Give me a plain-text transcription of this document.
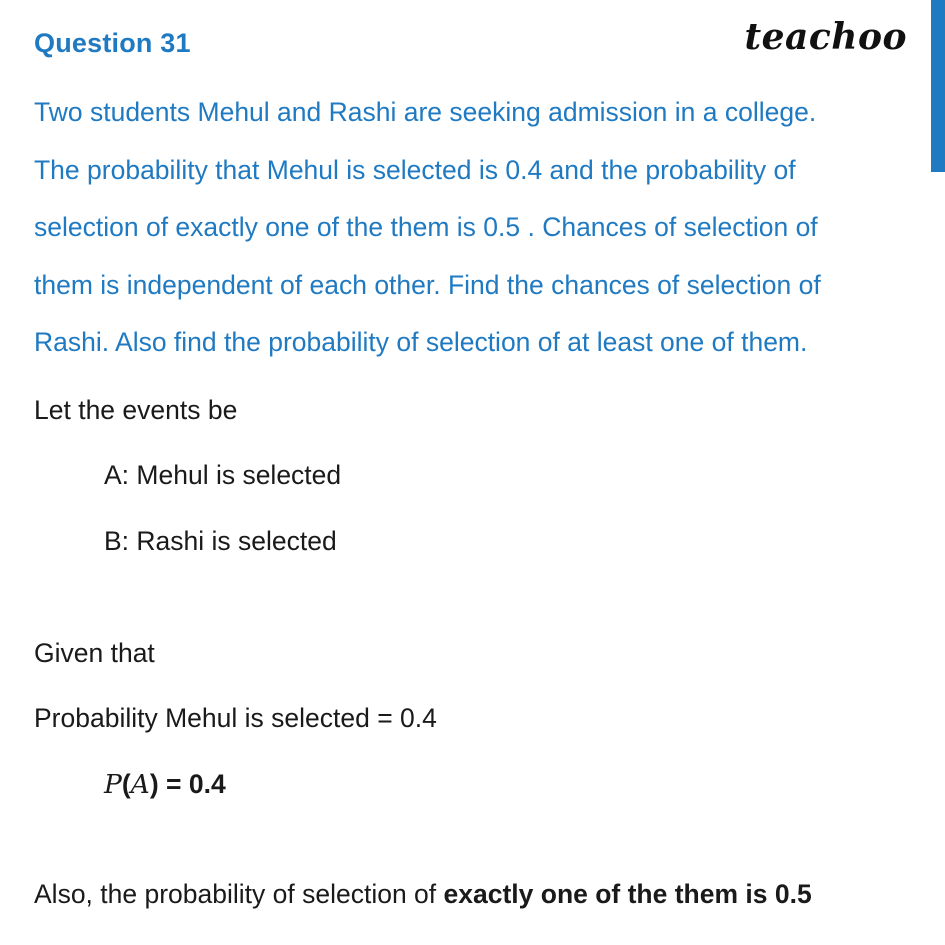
Question 31	teachoo
Two students Mehul and Rashi are seeking admission in a college.
The probability that Mehul is selected is 0.4 and the probability of
selection of exactly one of the them is 0.5 . Chances of selection of
them is independent of each other. Find the chances of selection of
Rashi. Also find the probability of selection of at least one of them.
Let the events be
A: Mehul is selected
B: Rashi is selected
Given that
Probability Mehul is selected = 0.4
P(A) = 0.4
Also, the probability of selection of exactly one of the them is 0.5
